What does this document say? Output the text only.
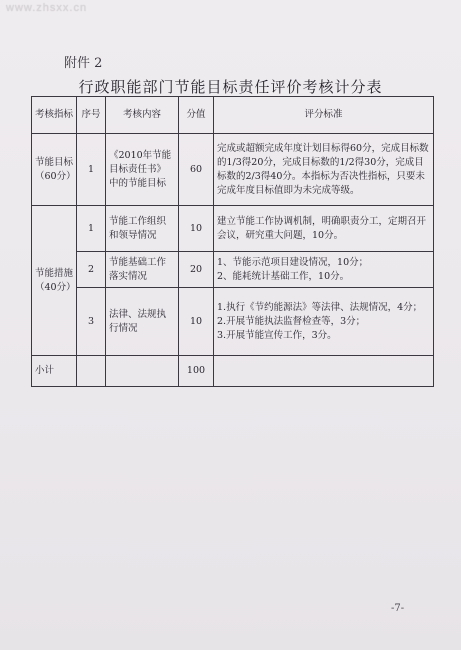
www.zhsxx.cn
附件 2
行政职能部门节能目标责任评价考核计分表
考核指标	序号	考核内容	分值	评分标准
节能目标（60分）	1	《2010年节能目标责任书》中的节能目标	60	完成或超额完成年度计划目标得60分，完成目标数的1/3得20分，完成目标数的1/2得30分，完成目标数的2/3得40分。本指标为否决性指标，只要未完成年度目标值即为未完成等级。
节能措施（40分）	1	节能工作组织和领导情况	10	建立节能工作协调机制，明确职责分工，定期召开会议，研究重大问题，10分。
	2	节能基础工作落实情况	20	1、节能示范项目建设情况，10分；
2、能耗统计基础工作，10分。

	3	法律、法规执行情况	10	1.执行《节约能源法》等法律、法规情况，4分；
2.开展节能执法监督检查等，3分；
3.开展节能宣传工作，3分。

小计			100	
-7-
